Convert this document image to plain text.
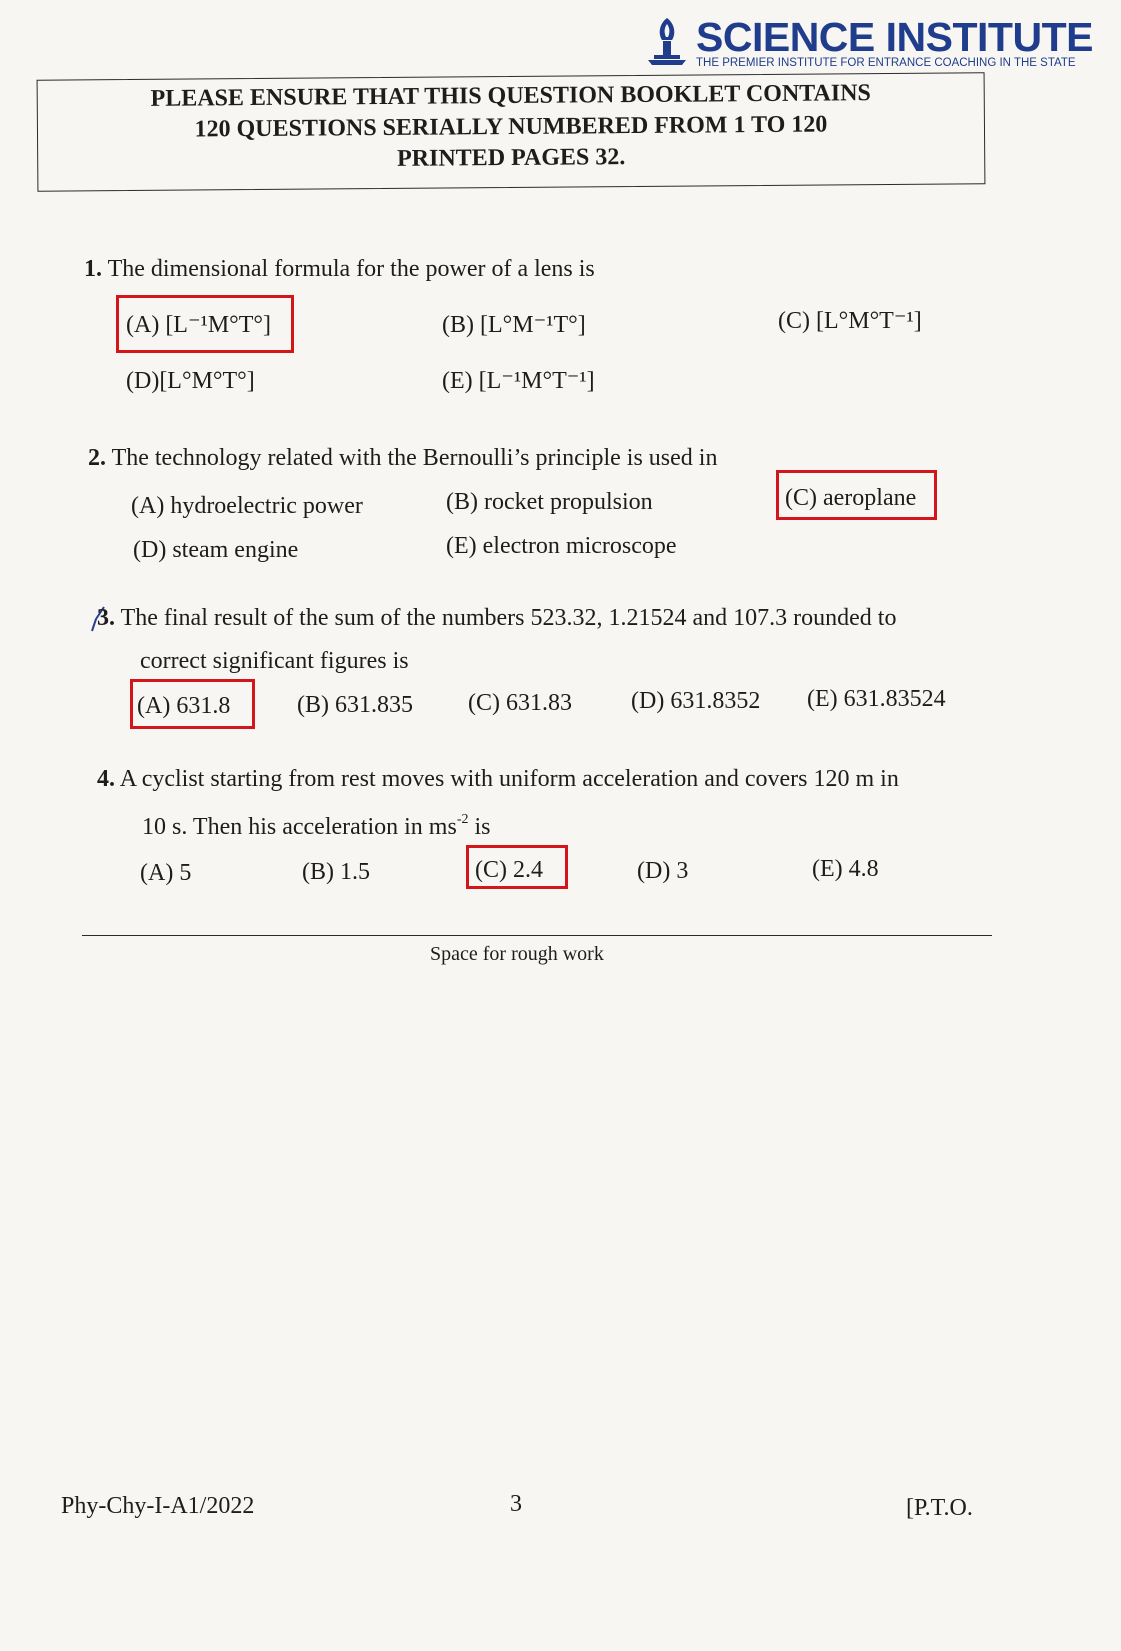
SCIENCE INSTITUTE
THE PREMIER INSTITUTE FOR ENTRANCE COACHING IN THE STATE
PLEASE ENSURE THAT THIS QUESTION BOOKLET CONTAINS
120 QUESTIONS SERIALLY NUMBERED FROM 1 TO 120
PRINTED PAGES 32.
1. The dimensional formula for the power of a lens is
(A) [L⁻¹M°T°]	(B) [L°M⁻¹T°]	(C) [L°M°T⁻¹]
(D)[L°M°T°]	(E) [L⁻¹M°T⁻¹]
2. The technology related with the Bernoulli’s principle is used in
(A) hydroelectric power	(B) rocket propulsion	(C) aeroplane
(D) steam engine	(E) electron microscope
3. The final result of the sum of the numbers 523.32, 1.21524 and 107.3 rounded to
correct significant figures is
(A) 631.8	(B) 631.835 (C) 631.83 (D) 631.8352 (E) 631.83524
4. A cyclist starting from rest moves with uniform acceleration and covers 120 m in
10 s. Then his acceleration in $ms^{-2}$ is
(A) 5	(B) 1.5	(C) 2.4	(D) 3	(E) 4.8
Space for rough work
Phy-Chy-I-A1/2022	3	[P.T.O.
